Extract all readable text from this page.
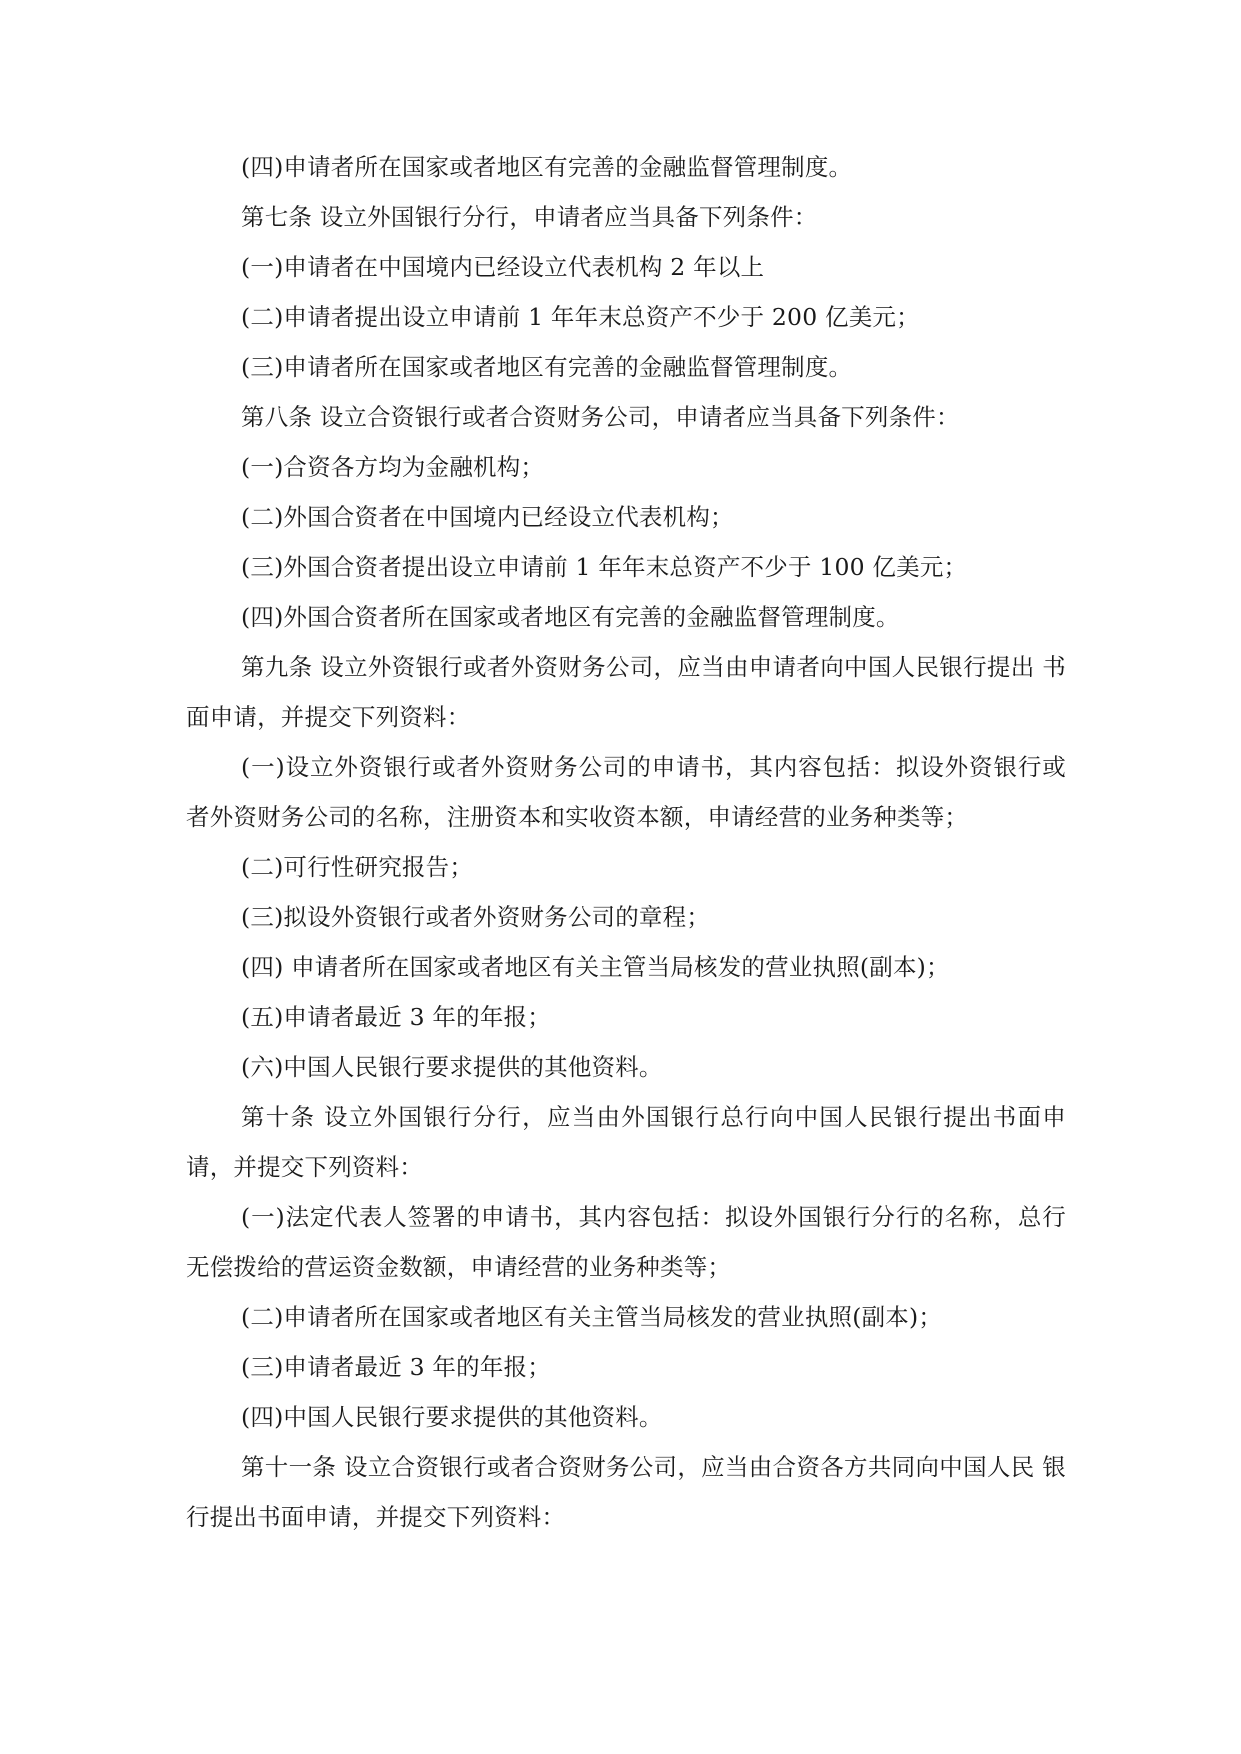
(四)申请者所在国家或者地区有完善的金融监督管理制度。

第七条 设立外国银行分行，申请者应当具备下列条件：

(一)申请者在中国境内已经设立代表机构 2 年以上

(二)申请者提出设立申请前 1 年年末总资产不少于 200 亿美元；

(三)申请者所在国家或者地区有完善的金融监督管理制度。

第八条 设立合资银行或者合资财务公司，申请者应当具备下列条件：

(一)合资各方均为金融机构；

(二)外国合资者在中国境内已经设立代表机构；

(三)外国合资者提出设立申请前 1 年年末总资产不少于 100 亿美元；

(四)外国合资者所在国家或者地区有完善的金融监督管理制度。

第九条 设立外资银行或者外资财务公司，应当由申请者向中国人民银行提出 书面申请，并提交下列资料：

(一)设立外资银行或者外资财务公司的申请书，其内容包括：拟设外资银行或 者外资财务公司的名称，注册资本和实收资本额，申请经营的业务种类等；

(二)可行性研究报告；

(三)拟设外资银行或者外资财务公司的章程；

(四) 申请者所在国家或者地区有关主管当局核发的营业执照(副本)；

(五)申请者最近 3 年的年报；

(六)中国人民银行要求提供的其他资料。

第十条 设立外国银行分行，应当由外国银行总行向中国人民银行提出书面申 请，并提交下列资料：

(一)法定代表人签署的申请书，其内容包括：拟设外国银行分行的名称，总行 无偿拨给的营运资金数额，申请经营的业务种类等；

(二)申请者所在国家或者地区有关主管当局核发的营业执照(副本)；

(三)申请者最近 3 年的年报；

(四)中国人民银行要求提供的其他资料。

第十一条 设立合资银行或者合资财务公司，应当由合资各方共同向中国人民 银行提出书面申请，并提交下列资料：
